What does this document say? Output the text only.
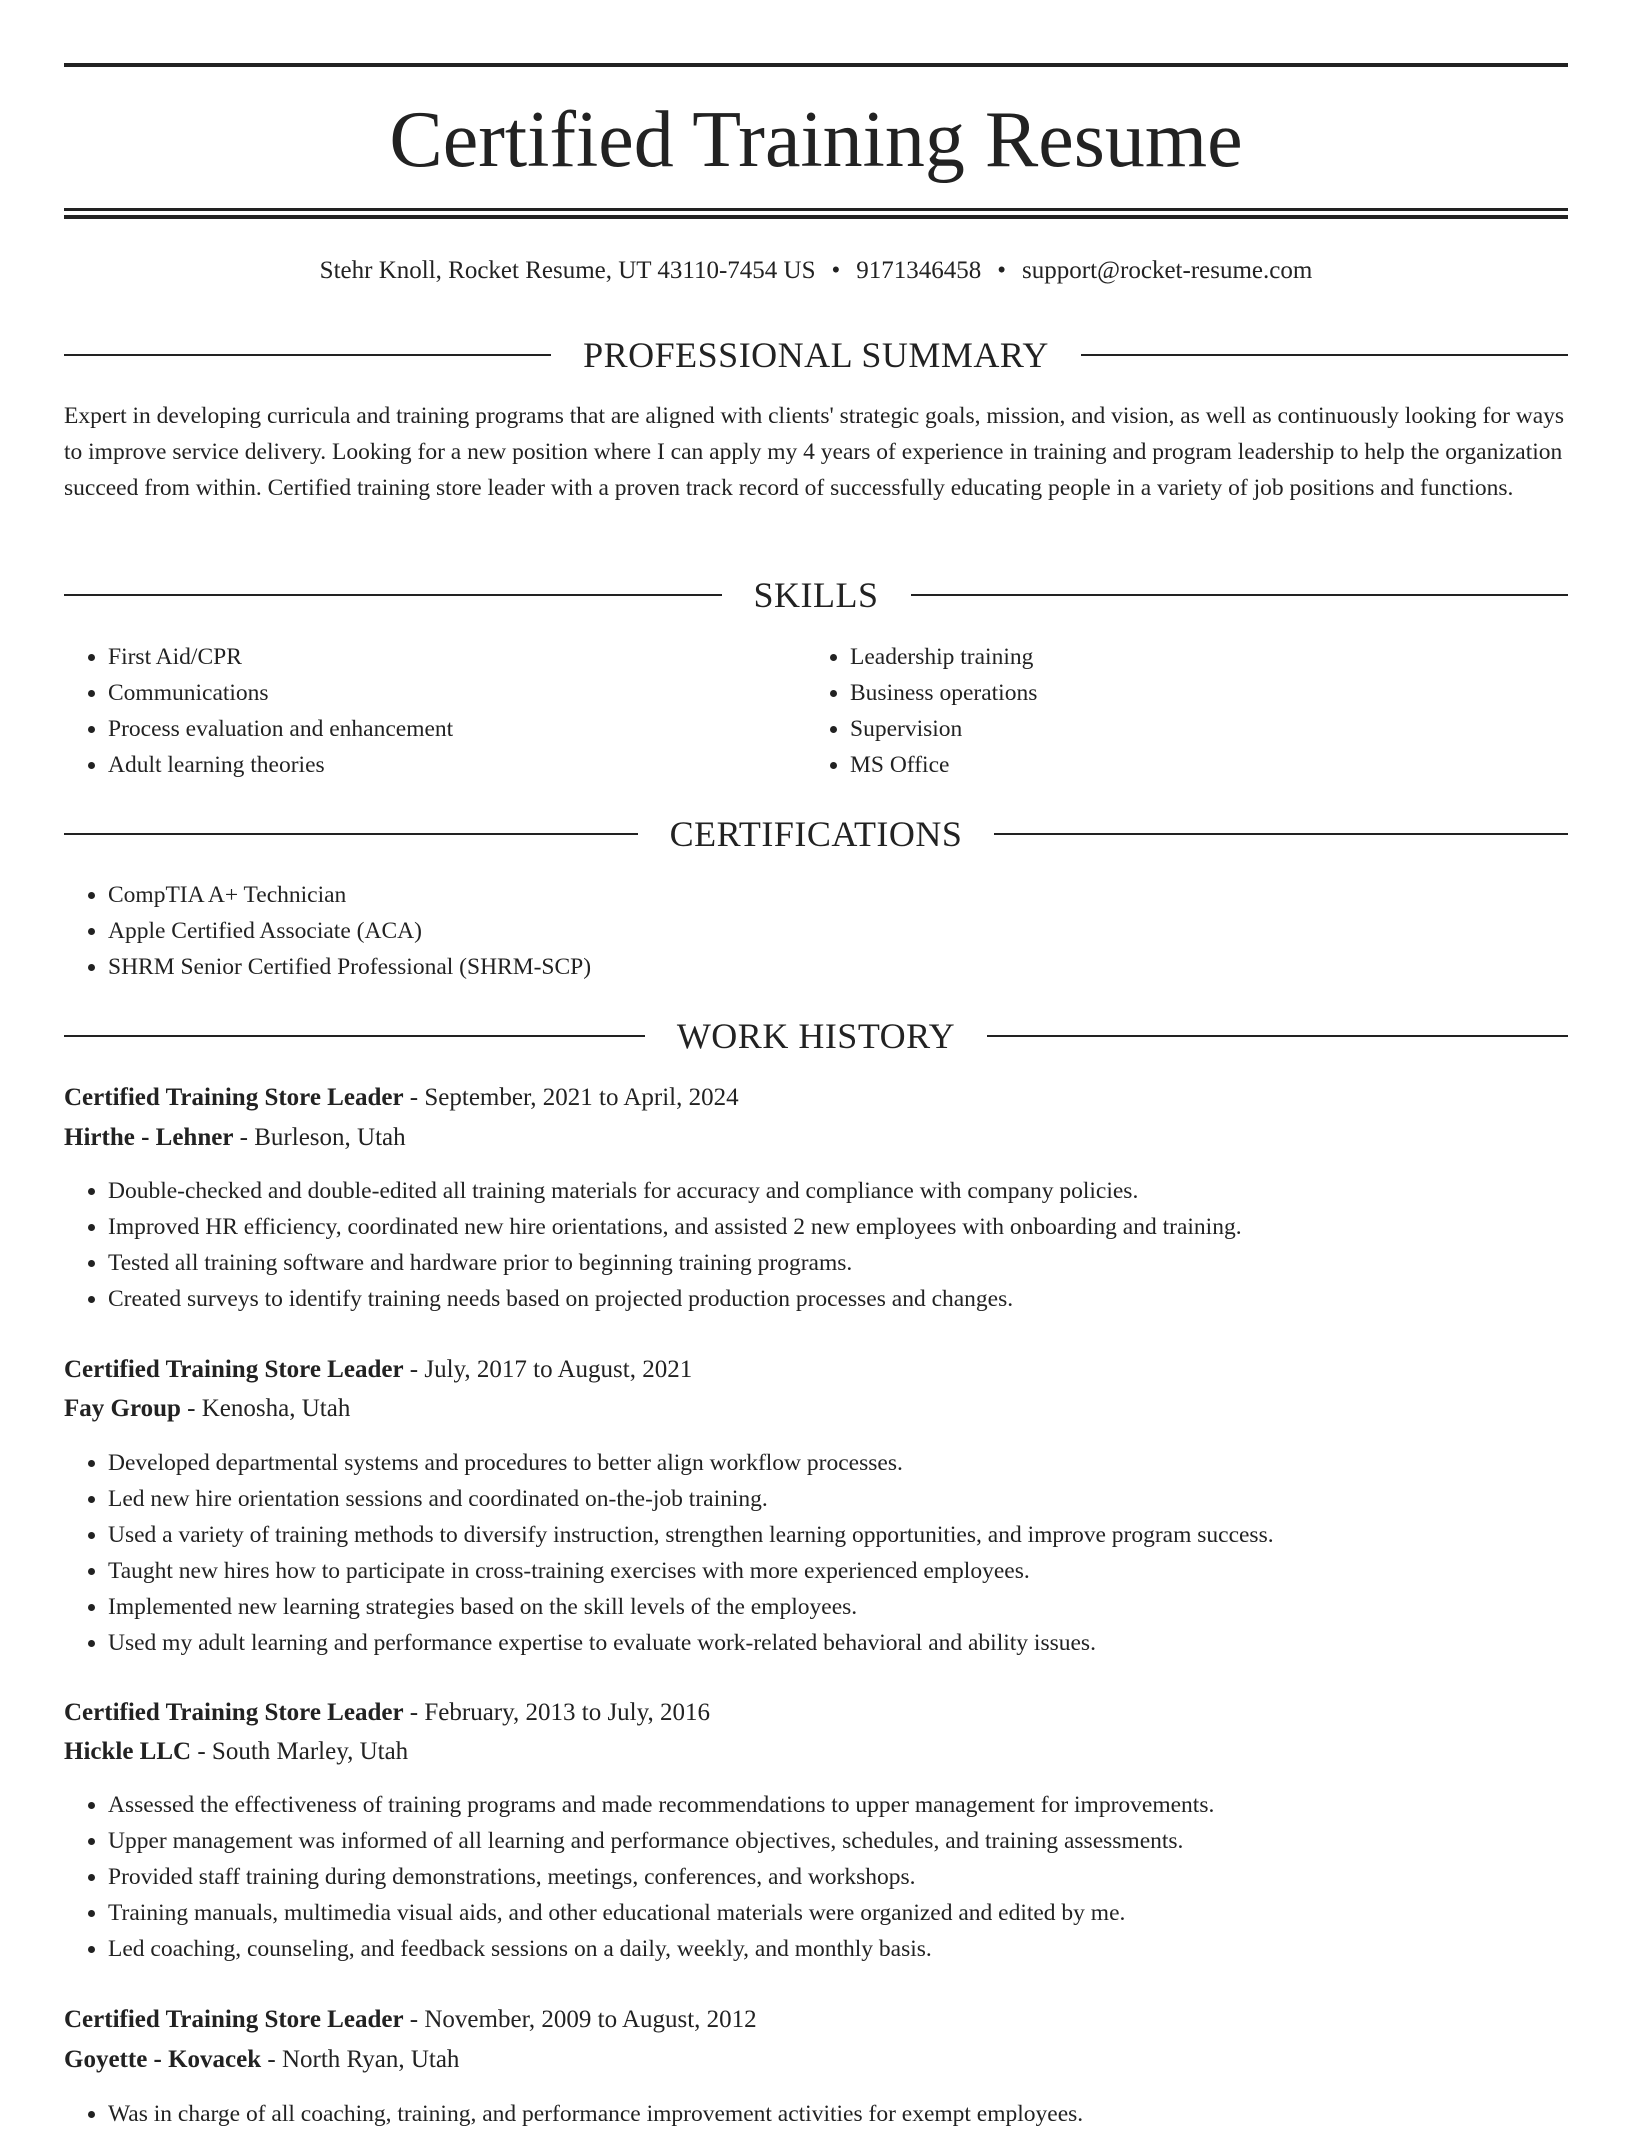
Certified Training Resume
Stehr Knoll, Rocket Resume, UT 43110-7454 US • 9171346458 • support@rocket-resume.com
PROFESSIONAL SUMMARY

Expert in developing curricula and training programs that are aligned with clients' strategic goals, mission, and vision, as well as continuously looking for ways to improve service delivery. Looking for a new position where I can apply my 4 years of experience in training and program leadership to help the organization succeed from within. Certified training store leader with a proven track record of successfully educating people in a variety of job positions and functions.

SKILLS
• First Aid/CPR
• Communications
• Process evaluation and enhancement
• Adult learning theories
• Leadership training
• Business operations
• Supervision
• MS Office
CERTIFICATIONS
• CompTIA A+ Technician
• Apple Certified Associate (ACA)
• SHRM Senior Certified Professional (SHRM-SCP)
WORK HISTORY
Certified Training Store Leader - September, 2021 to April, 2024
Hirthe - Lehner - Burleson, Utah
• Double-checked and double-edited all training materials for accuracy and compliance with company policies.
• Improved HR efficiency, coordinated new hire orientations, and assisted 2 new employees with onboarding and training.
• Tested all training software and hardware prior to beginning training programs.
• Created surveys to identify training needs based on projected production processes and changes.
Certified Training Store Leader - July, 2017 to August, 2021
Fay Group - Kenosha, Utah
• Developed departmental systems and procedures to better align workflow processes.
• Led new hire orientation sessions and coordinated on-the-job training.
• Used a variety of training methods to diversify instruction, strengthen learning opportunities, and improve program success.
• Taught new hires how to participate in cross-training exercises with more experienced employees.
• Implemented new learning strategies based on the skill levels of the employees.
• Used my adult learning and performance expertise to evaluate work-related behavioral and ability issues.
Certified Training Store Leader - February, 2013 to July, 2016
Hickle LLC - South Marley, Utah
• Assessed the effectiveness of training programs and made recommendations to upper management for improvements.
• Upper management was informed of all learning and performance objectives, schedules, and training assessments.
• Provided staff training during demonstrations, meetings, conferences, and workshops.
• Training manuals, multimedia visual aids, and other educational materials were organized and edited by me.
• Led coaching, counseling, and feedback sessions on a daily, weekly, and monthly basis.
Certified Training Store Leader - November, 2009 to August, 2012
Goyette - Kovacek - North Ryan, Utah
• Was in charge of all coaching, training, and performance improvement activities for exempt employees.
